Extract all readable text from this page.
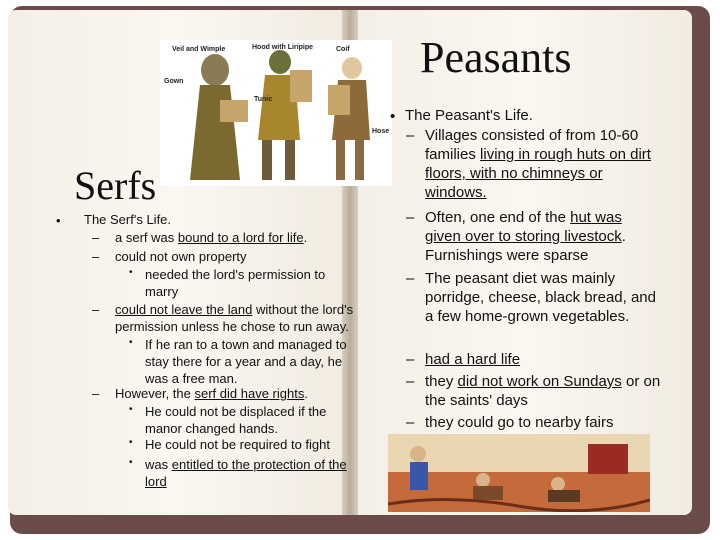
Peasants
Veil and Wimple	Hood with Liripipe	Coif
Gown
Tunic
Hose
Serfs
• The Serf's Life.
– a serf was bound to a lord for life.
– could not own property
• needed the lord's permission to marry
– could not leave the land without the lord's permission unless he chose to run away.
• If he ran to a town and managed to stay there for a year and a day, he was a free man.
– However, the serf did have rights.
• He could not be displaced if the manor changed hands.
• He could not be required to fight
• was entitled to the protection of the lord
• The Peasant's Life.
– Villages consisted of from 10-60 families living in rough huts on dirt floors, with no chimneys or windows.
– Often, one end of the hut was given over to storing livestock. Furnishings were sparse
– The peasant diet was mainly porridge, cheese, black bread, and a few home-grown vegetables.
– had a hard life
– they did not work on Sundays or on the saints' days
– they could go to nearby fairs
